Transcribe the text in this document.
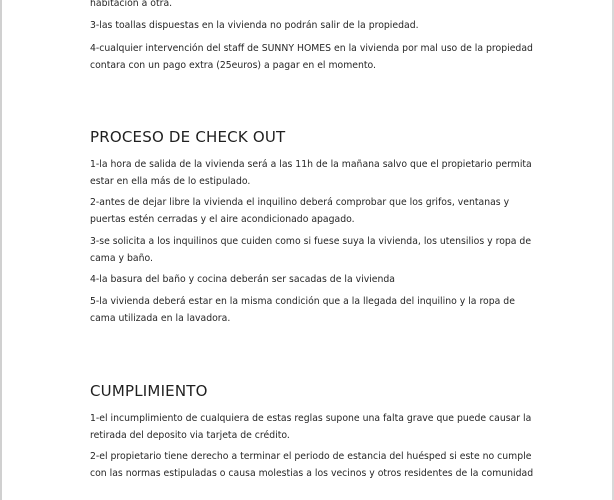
habitacion a otra.

3-las toallas dispuestas en la vivienda no podrán salir de la propiedad.

4-cualquier intervención del staff de SUNNY HOMES en la vivienda por mal uso de la propiedad contara con un pago extra (25euros) a pagar en el momento.

PROCESO DE CHECK OUT

1-la hora de salida de la vivienda será a las 11h de la mañana salvo que el propietario permita estar en ella más de lo estipulado.

2-antes de dejar libre la vivienda el inquilino deberá comprobar que los grifos, ventanas y puertas estén cerradas y el aire acondicionado apagado.

3-se solicita a los inquilinos que cuiden como si fuese suya la vivienda, los utensilios y ropa de cama y baño.

4-la basura del baño y cocina deberán ser sacadas de la vivienda

5-la vivienda deberá estar en la misma condición que a la llegada del inquilino y la ropa de cama utilizada en la lavadora.

CUMPLIMIENTO

1-el incumplimiento de cualquiera de estas reglas supone una falta grave que puede causar la retirada del deposito via tarjeta de crédito.

2-el propietario tiene derecho a terminar el periodo de estancia del huésped si este no cumple con las normas estipuladas o causa molestias a los vecinos y otros residentes de la comunidad
